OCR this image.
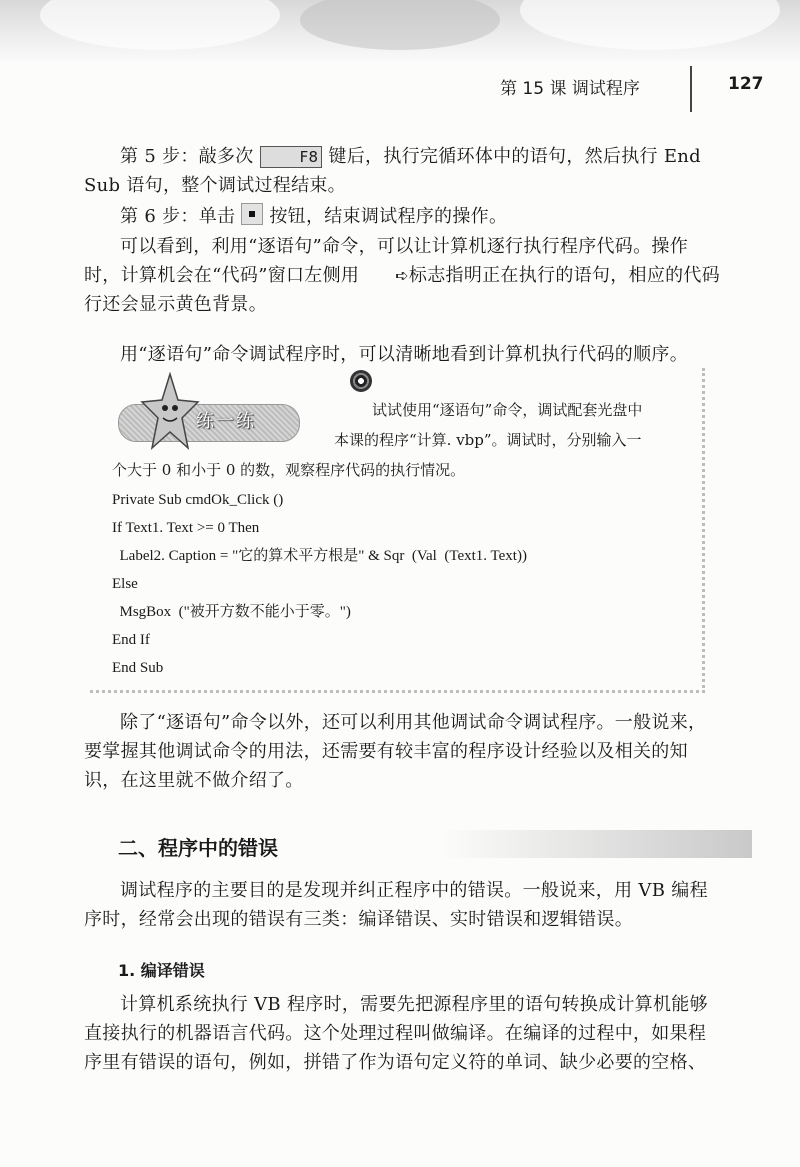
第 15 课 调试程序	127

第 5 步：敲多次	F8 键后，执行完循环体中的语句，然后执行 End Sub 语句，整个调试过程结束。

第 6 步：单击  按钮，结束调试程序的操作。

可以看到，利用“逐语句”命令，可以让计算机逐行执行程序代码。操作时，计算机会在“代码”窗口左侧用 ➪标志指明正在执行的语句，相应的代码行还会显示黄色背景。

用“逐语句”命令调试程序时，可以清晰地看到计算机执行代码的顺序。

练一练

试试使用“逐语句”命令，调试配套光盘中

本课的程序“计算. vbp”。调试时，分别输入一

个大于 0 和小于 0 的数，观察程序代码的执行情况。

Private Sub cmdOk_Click ()

If Text1. Text >= 0 Then

Label2. Caption = "它的算术平方根是" & Sqr  (Val  (Text1. Text))

Else

MsgBox  ("被开方数不能小于零。")

End If

End Sub

除了“逐语句”命令以外，还可以利用其他调试命令调试程序。一般说来，要掌握其他调试命令的用法，还需要有较丰富的程序设计经验以及相关的知识，在这里就不做介绍了。

二、程序中的错误

调试程序的主要目的是发现并纠正程序中的错误。一般说来，用 VB 编程序时，经常会出现的错误有三类：编译错误、实时错误和逻辑错误。

1. 编译错误

计算机系统执行 VB 程序时，需要先把源程序里的语句转换成计算机能够直接执行的机器语言代码。这个处理过程叫做编译。在编译的过程中，如果程序里有错误的语句，例如，拼错了作为语句定义符的单词、缺少必要的空格、
